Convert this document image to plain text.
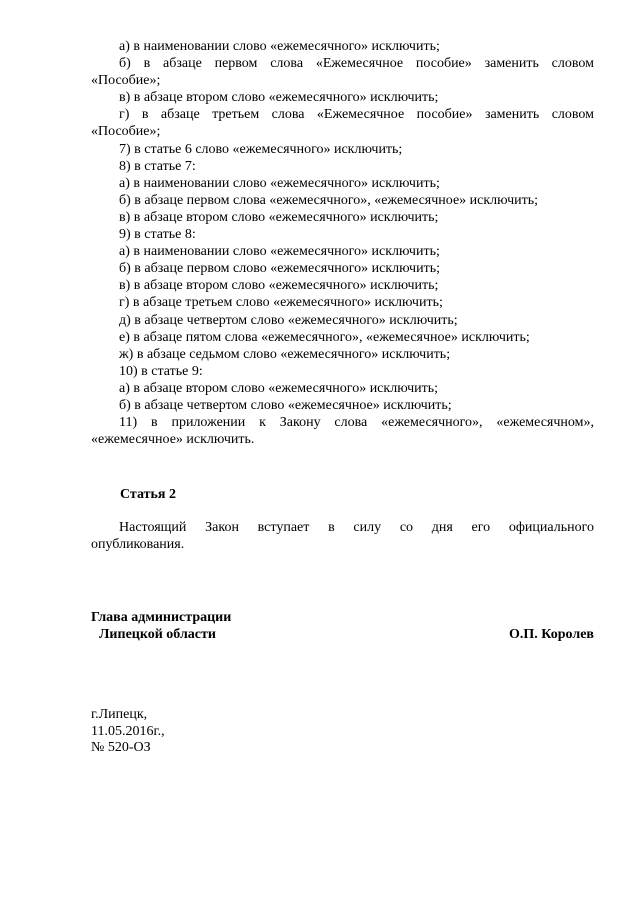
а) в наименовании слово «ежемесячного» исключить;
б) в абзаце первом слова «Ежемесячное пособие» заменить словом
«Пособие»;
в) в абзаце втором слово «ежемесячного» исключить;
г) в абзаце третьем слова «Ежемесячное пособие» заменить словом
«Пособие»;
7) в статье 6 слово «ежемесячного» исключить;
8) в статье 7:
а) в наименовании слово «ежемесячного» исключить;
б) в абзаце первом слова «ежемесячного», «ежемесячное» исключить;
в) в абзаце втором слово «ежемесячного» исключить;
9) в статье 8:
а) в наименовании слово «ежемесячного» исключить;
б) в абзаце первом слово «ежемесячного» исключить;
в) в абзаце втором слово «ежемесячного» исключить;
г) в абзаце третьем слово «ежемесячного» исключить;
д) в абзаце четвертом слово «ежемесячного» исключить;
е) в абзаце пятом слова «ежемесячного», «ежемесячное» исключить;
ж) в абзаце седьмом слово «ежемесячного» исключить;
10) в статье 9:
а) в абзаце втором слово «ежемесячного» исключить;
б) в абзаце четвертом слово «ежемесячное» исключить;
11) в приложении к Закону слова «ежемесячного», «ежемесячном»,
«ежемесячное» исключить.
Статья 2
Настоящий Закон вступает в силу со дня его официального
опубликования.
Глава администрации
Липецкой области	О.П. Королев
г.Липецк,
11.05.2016г.,
№ 520-ОЗ
